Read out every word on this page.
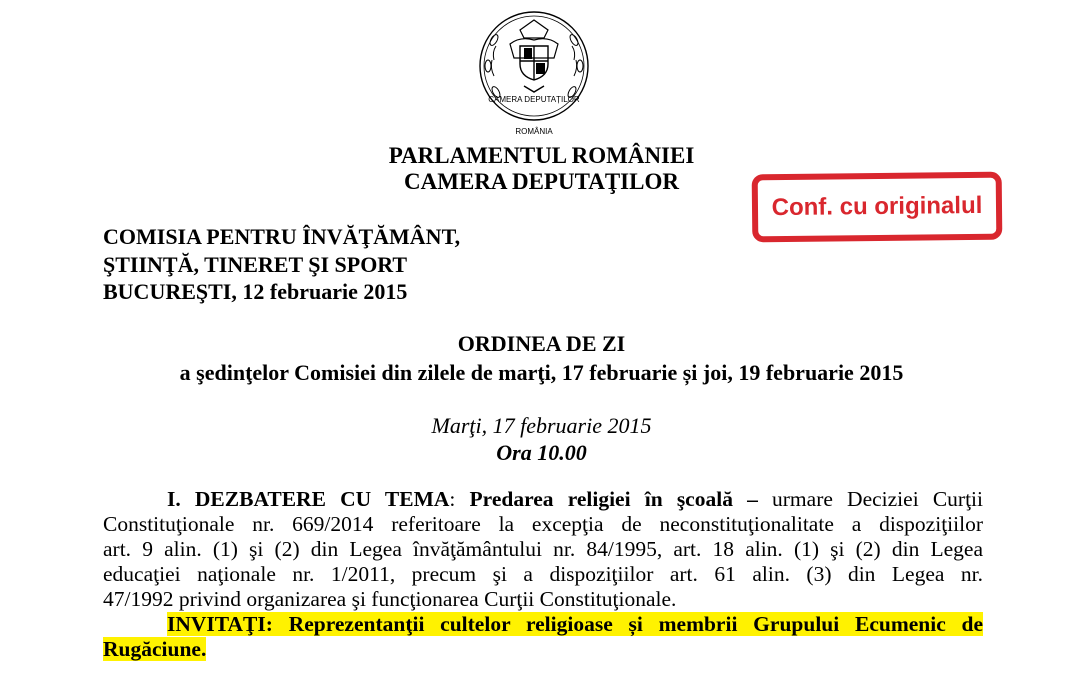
CAMERA DEPUTAȚILOR
ROMÂNIA
PARLAMENTUL ROMÂNIEI
CAMERA DEPUTAŢILOR
Conf. cu originalul
COMISIA PENTRU ÎNVĂŢĂMÂNT,
ŞTIINŢĂ, TINERET ŞI SPORT
BUCUREŞTI, 12 februarie 2015
ORDINEA DE ZI
a şedinţelor Comisiei din zilele de marţi, 17 februarie și joi, 19 februarie 2015
Marţi, 17 februarie 2015
Ora 10.00
I. DEZBATERE CU TEMA: Predarea religiei în şcoală – urmare Deciziei Curţii
Constituţionale nr. 669/2014 referitoare la excepţia de neconstituţionalitate a dispoziţiilor
art. 9 alin. (1) şi (2) din Legea învăţământului nr. 84/1995, art. 18 alin. (1) şi (2) din Legea
educaţiei naţionale nr. 1/2011, precum şi a dispoziţiilor art. 61 alin. (3) din Legea nr.
47/1992 privind organizarea şi funcţionarea Curţii Constituţionale.
INVITAŢI: Reprezentanţii cultelor religioase și membrii Grupului Ecumenic de
Rugăciune.
